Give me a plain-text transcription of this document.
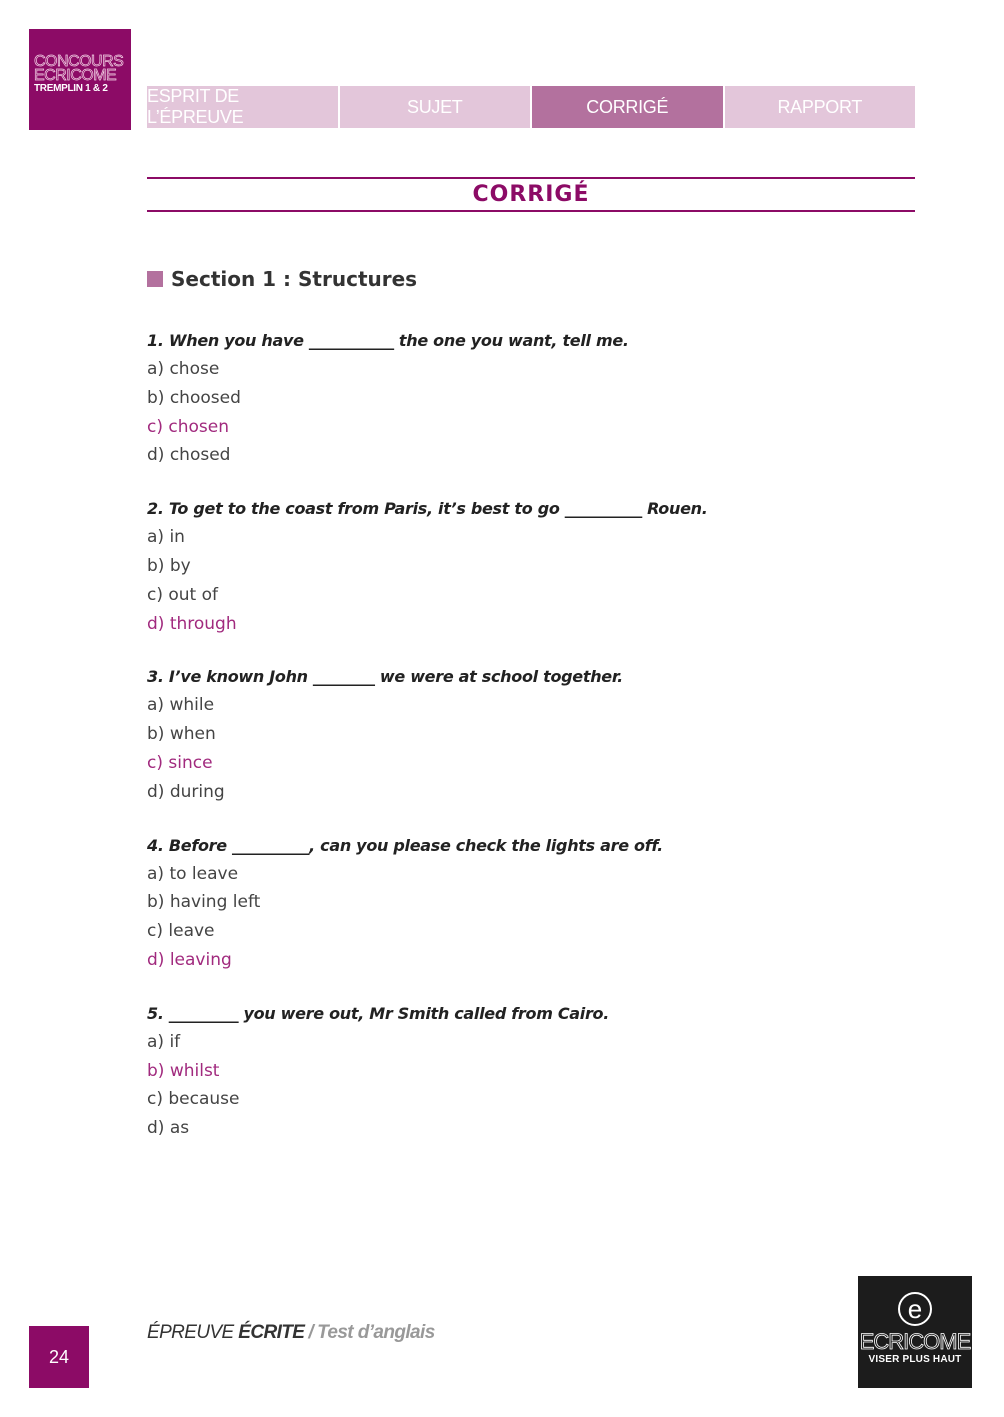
CONCOURS
ECRICOME
TREMPLIN 1 & 2	ESPRIT DE L’ÉPREUVE
SUJET	CORRIGÉ	RAPPORT
CORRIGÉ
Section 1 : Structures
1. When you have ___________ the one you want, tell me.
a) chose
b) choosed
c) chosen
d) chosed
2. To get to the coast from Paris, it’s best to go __________ Rouen.
a) in
b) by
c) out of
d) through
3. I’ve known John ________ we were at school together.
a) while
b) when
c) since
d) during
4. Before __________, can you please check the lights are off.
a) to leave
b) having left
c) leave
d) leaving
5. _________ you were out, Mr Smith called from Cairo.
a) if
b) whilst
c) because
d) as
24
ÉPREUVE ÉCRITE / Test d’anglais
e
ECRICOME
VISER PLUS HAUT
